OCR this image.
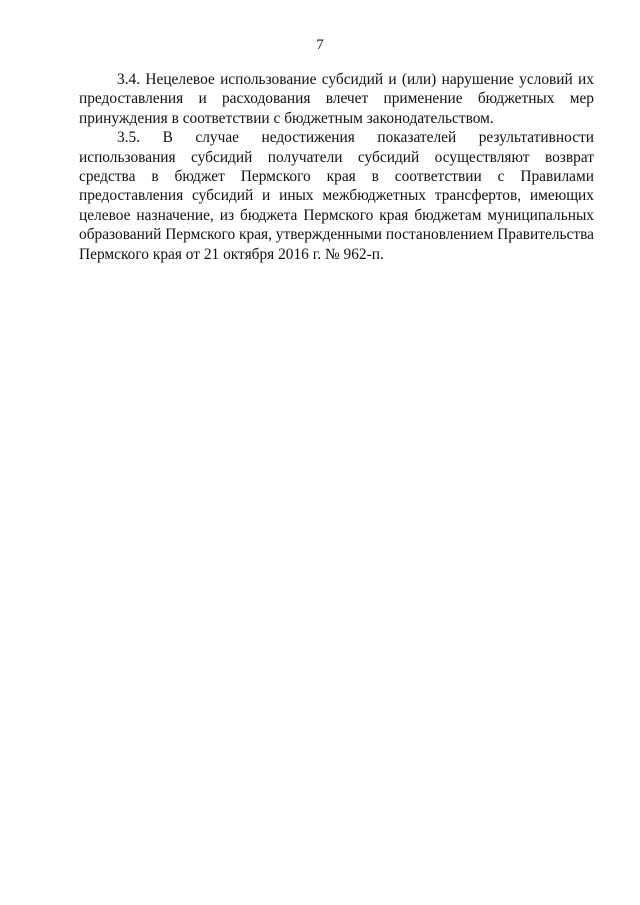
7

3.4. Нецелевое использование субсидий и (или) нарушение условий их предоставления и расходования влечет применение бюджетных мер принуждения в соответствии с бюджетным законодательством.

3.5. В случае недостижения показателей результативности использования субсидий получатели субсидий осуществляют возврат средства в бюджет Пермского края в соответствии с Правилами предоставления субсидий и иных межбюджетных трансфертов, имеющих целевое назначение, из бюджета Пермского края бюджетам муниципальных образований Пермского края, утвержденными постановлением Правительства Пермского края от 21 октября 2016 г. № 962-п.
